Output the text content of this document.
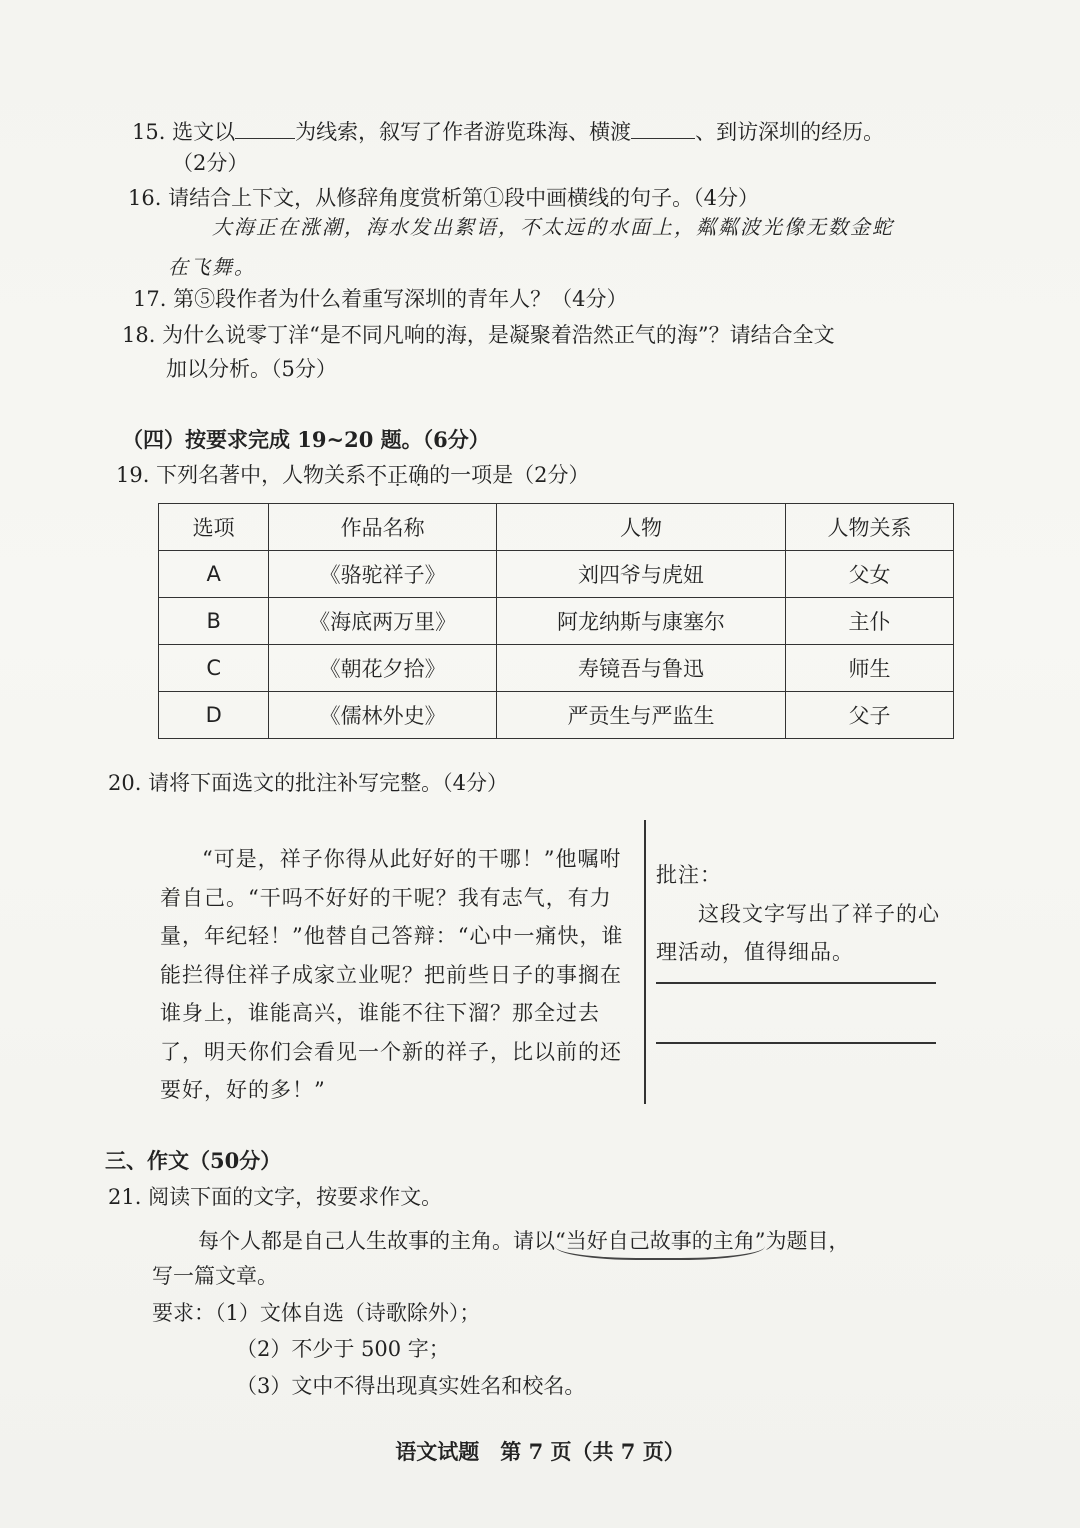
15. 选文以	为线索，叙写了作者游览珠海、横渡	、到访深圳的经历。
（2分）
16. 请结合上下文，从修辞角度赏析第①段中画横线的句子。（4分）
大海正在涨潮，海水发出絮语，不太远的水面上，粼粼波光像无数金蛇
在飞舞。
17. 第⑤段作者为什么着重写深圳的青年人？（4分）
18. 为什么说零丁洋“是不同凡响的海，是凝聚着浩然正气的海”？请结合全文
加以分析。（5分）
（四）按要求完成 19~20 题。（6分）
19. 下列名著中，人物关系不正确的一项是（2分）
选项	作品名称	人物	人物关系
A	《骆驼祥子》	刘四爷与虎妞	父女
B	《海底两万里》	阿龙纳斯与康塞尔	主仆
C	《朝花夕拾》	寿镜吾与鲁迅	师生
D	《儒林外史》	严贡生与严监生	父子
20. 请将下面选文的批注补写完整。（4分）

“可是，祥子你得从此好好的干哪！”他嘱咐着自己。“干吗不好好的干呢？我有志气，有力量，年纪轻！”他替自己答辩：“心中一痛快，谁能拦得住祥子成家立业呢？把前些日子的事搁在谁身上，谁能高兴，谁能不往下溜？那全过去了，明天你们会看见一个新的祥子，比以前的还要好，好的多！”

批注：

这段文字写出了祥子的心理活动，值得细品。

三、作文（50分）
21. 阅读下面的文字，按要求作文。
每个人都是自己人生故事的主角。请以“当好自己故事的主角”为题目，
写一篇文章。
要求：（1）文体自选（诗歌除外）；
（2）不少于 500 字；
（3）文中不得出现真实姓名和校名。
语文试题　第 7 页（共 7 页）
